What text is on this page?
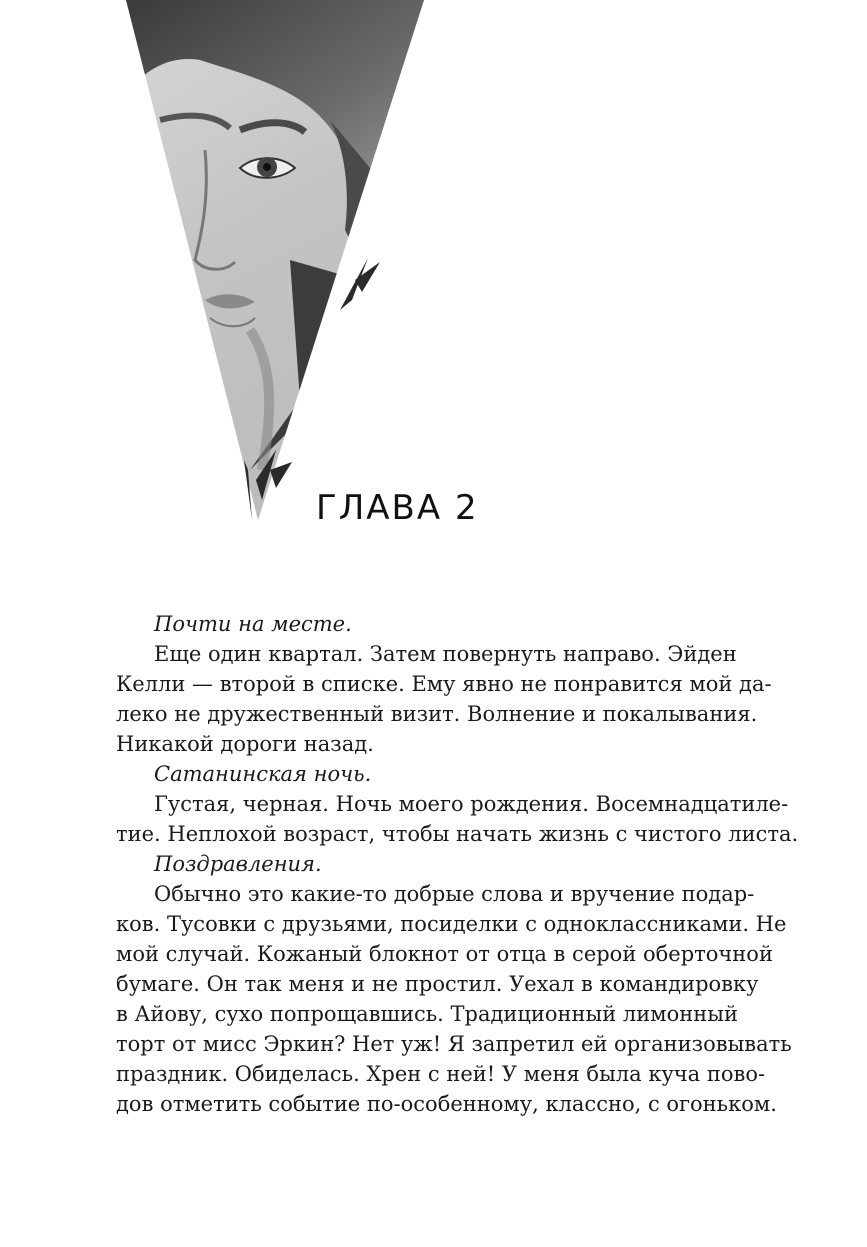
ГЛАВА 2
Почти на месте.
Еще один квартал. Затем повернуть направо. Эйден
Келли — второй в списке. Ему явно не понравится мой да-
леко не дружественный визит. Волнение и покалывания.
Никакой дороги назад.
Сатанинская ночь.
Густая, черная. Ночь моего рождения. Восемнадцатиле-
тие. Неплохой возраст, чтобы начать жизнь с чистого листа.
Поздравления.
Обычно это какие-то добрые слова и вручение подар-
ков. Тусовки с друзьями, посиделки с одноклассниками. Не
мой случай. Кожаный блокнот от отца в серой оберточной
бумаге. Он так меня и не простил. Уехал в командировку
в Айову, сухо попрощавшись. Традиционный лимонный
торт от мисс Эркин? Нет уж! Я запретил ей организовывать
праздник. Обиделась. Хрен с ней! У меня была куча пово-
дов отметить событие по-особенному, классно, с огоньком.
